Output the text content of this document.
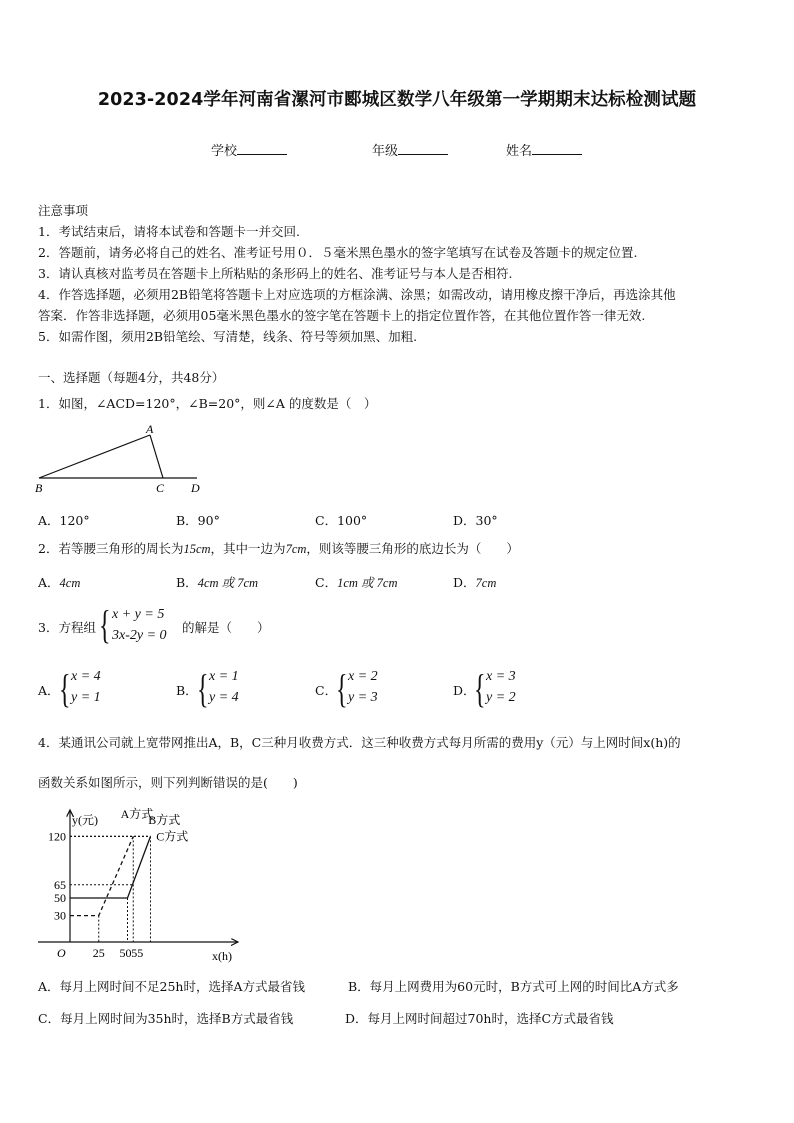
2023-2024学年河南省漯河市郾城区数学八年级第一学期期末达标检测试题
学校	年级	姓名
注意事项
1．考试结束后，请将本试卷和答题卡一并交回.
2．答题前，请务必将自己的姓名、准考证号用０．５毫米黑色墨水的签字笔填写在试卷及答题卡的规定位置.
3．请认真核对监考员在答题卡上所粘贴的条形码上的姓名、准考证号与本人是否相符.
4．作答选择题，必须用2B铅笔将答题卡上对应选项的方框涂满、涂黑；如需改动，请用橡皮擦干净后，再选涂其他
答案．作答非选择题，必须用05毫米黑色墨水的签字笔在答题卡上的指定位置作答，在其他位置作答一律无效.
5．如需作图，须用2B铅笔绘、写清楚，线条、符号等须加黑、加粗.
一、选择题（每题4分，共48分）
1．如图，∠ACD=120°，∠B=20°，则∠A 的度数是（　）
A
B	C D
A．120°	B．90°	C．100°	D．30°
2．若等腰三角形的周长为15cm，其中一边为7cm，则该等腰三角形的底边长为（　　）
A．4cm	B．4cm 或 7cm	C．1cm 或 7cm	D．7cm
3．方程组 { x + y = 5
3x-2y = 0
的解是（　　）
A． { x = 4
y = 1	B． { x = 1
y = 4	C．
{ x = 2
y = 3	D．
{ x = 3
y = 2
4．某通讯公司就上宽带网推出A，B，C三种月收费方式．这三种收费方式每月所需的费用y（元）与上网时间x(h)的
函数关系如图所示，则下列判断错误的是(　　)
y(元)
x(h)
O
30
50
65
120
25 50 55
A方式
B方式
C方式
A．每月上网时间不足25h时，选择A方式最省钱	B．每月上网费用为60元时，B方式可上网的时间比A方式多
C．每月上网时间为35h时，选择B方式最省钱	D．每月上网时间超过70h时，选择C方式最省钱
